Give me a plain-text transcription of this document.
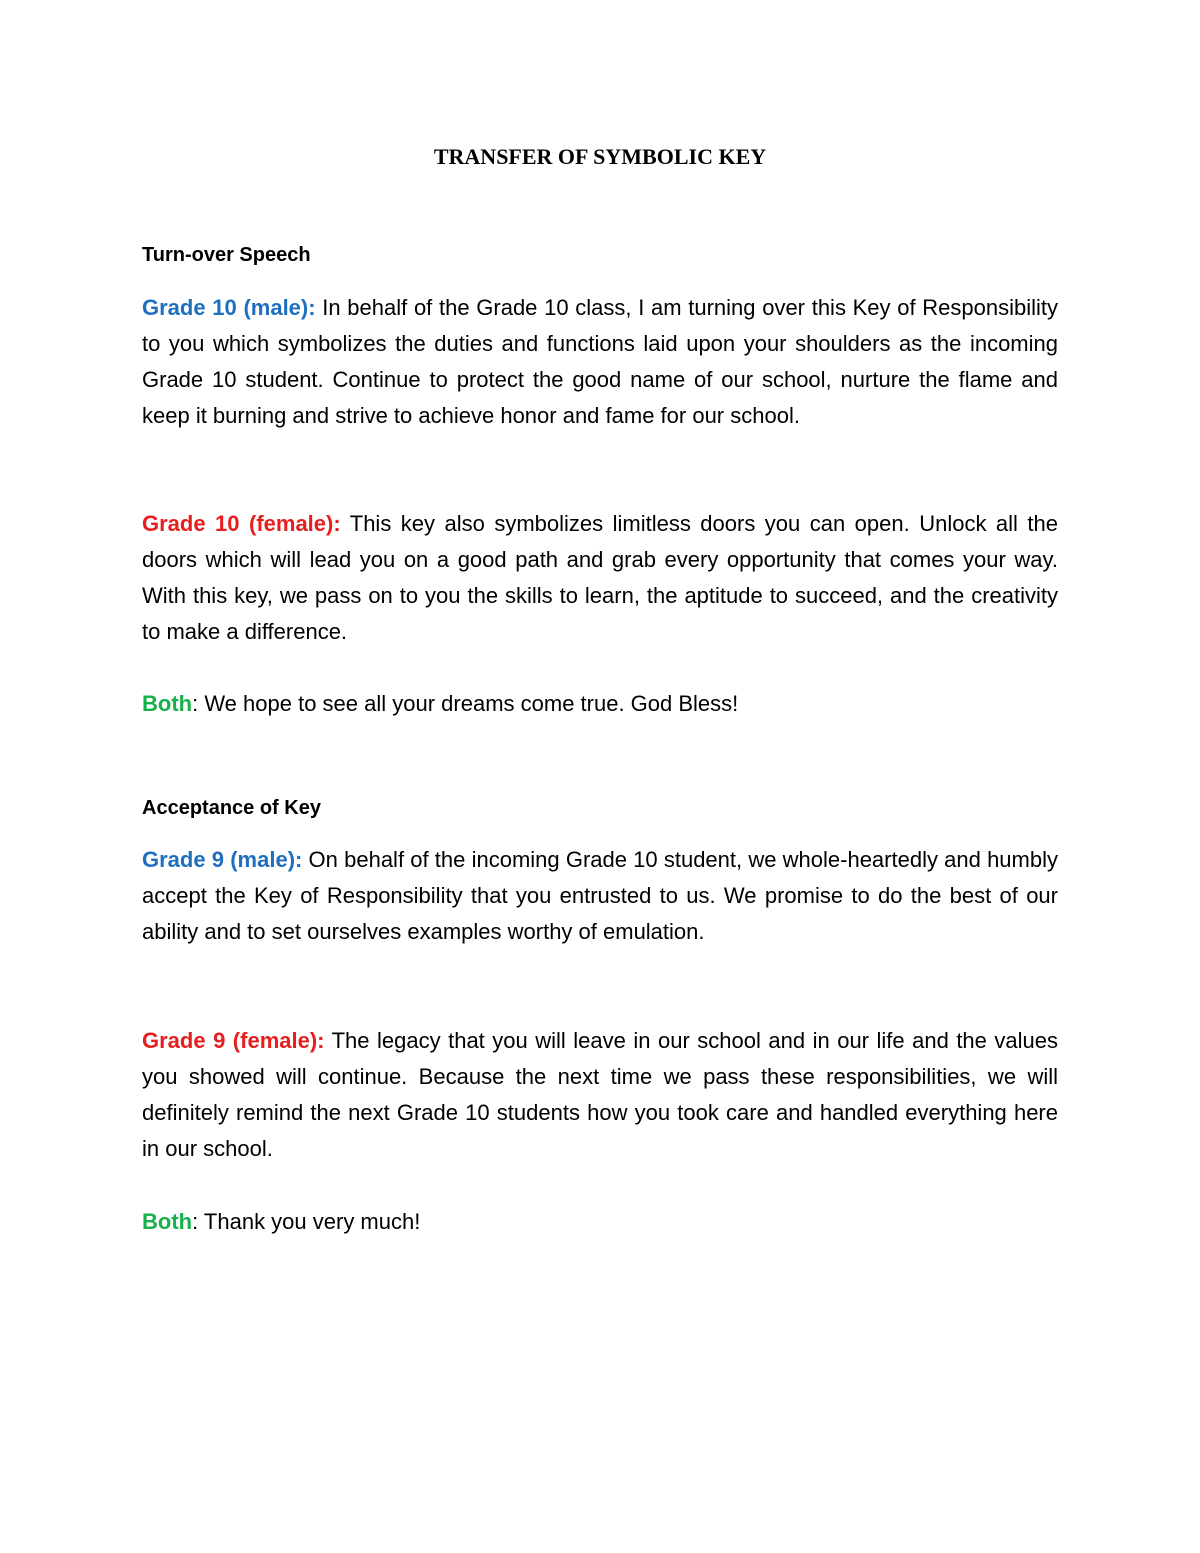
TRANSFER OF SYMBOLIC KEY
Turn-over Speech

Grade 10 (male): In behalf of the Grade 10 class, I am turning over this Key of Responsibility to you which symbolizes the duties and functions laid upon your shoulders as the incoming Grade 10 student. Continue to protect the good name of our school, nurture the flame and keep it burning and strive to achieve honor and fame for our school.

Grade 10 (female): This key also symbolizes limitless doors you can open. Unlock all the doors which will lead you on a good path and grab every opportunity that comes your way. With this key, we pass on to you the skills to learn, the aptitude to succeed, and the creativity to make a difference.

Both: We hope to see all your dreams come true. God Bless!

Acceptance of Key

Grade 9 (male): On behalf of the incoming Grade 10 student, we whole-heartedly and humbly accept the Key of Responsibility that you entrusted to us. We promise to do the best of our ability and to set ourselves examples worthy of emulation.

Grade 9 (female): The legacy that you will leave in our school and in our life and the values you showed will continue. Because the next time we pass these responsibilities, we will definitely remind the next Grade 10 students how you took care and handled everything here in our school.

Both: Thank you very much!
